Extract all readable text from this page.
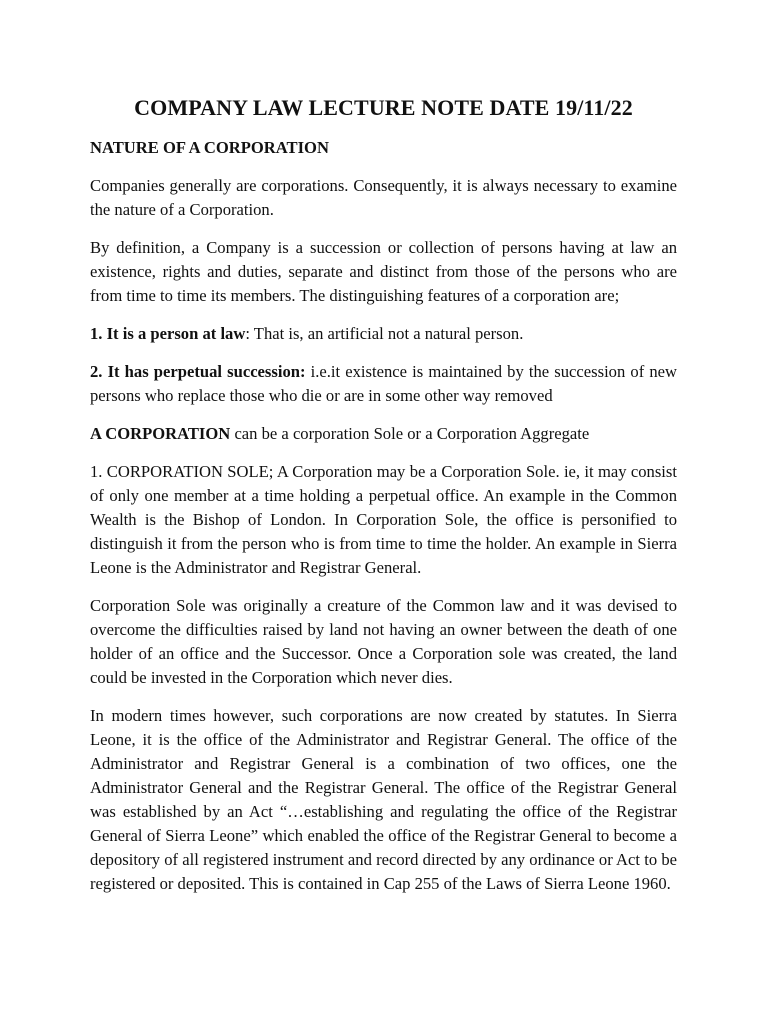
COMPANY LAW LECTURE NOTE DATE 19/11/22
NATURE OF A CORPORATION

Companies generally are corporations. Consequently, it is always necessary to examine the nature of a Corporation.

By definition, a Company is a succession or collection of persons having at law an existence, rights and duties, separate and distinct from those of the persons who are from time to time its members. The distinguishing features of a corporation are;

1. It is a person at law: That is, an artificial not a natural person.

2. It has perpetual succession: i.e.it existence is maintained by the succession of new persons who replace those who die or are in some other way removed

A CORPORATION can be a corporation Sole or a Corporation Aggregate

1. CORPORATION SOLE; A Corporation may be a Corporation Sole. ie, it may consist of only one member at a time holding a perpetual office. An example in the Common Wealth is the Bishop of London. In Corporation Sole, the office is personified to distinguish it from the person who is from time to time the holder. An example in Sierra Leone is the Administrator and Registrar General.

Corporation Sole was originally a creature of the Common law and it was devised to overcome the difficulties raised by land not having an owner between the death of one holder of an office and the Successor. Once a Corporation sole was created, the land could be invested in the Corporation which never dies.

In modern times however, such corporations are now created by statutes. In Sierra Leone, it is the office of the Administrator and Registrar General. The office of the Administrator and Registrar General is a combination of two offices, one the Administrator General and the Registrar General. The office of the Registrar General was established by an Act “…establishing and regulating the office of the Registrar General of Sierra Leone” which enabled the office of the Registrar General to become a depository of all registered instrument and record directed by any ordinance or Act to be registered or deposited. This is contained in Cap 255 of the Laws of Sierra Leone 1960.
